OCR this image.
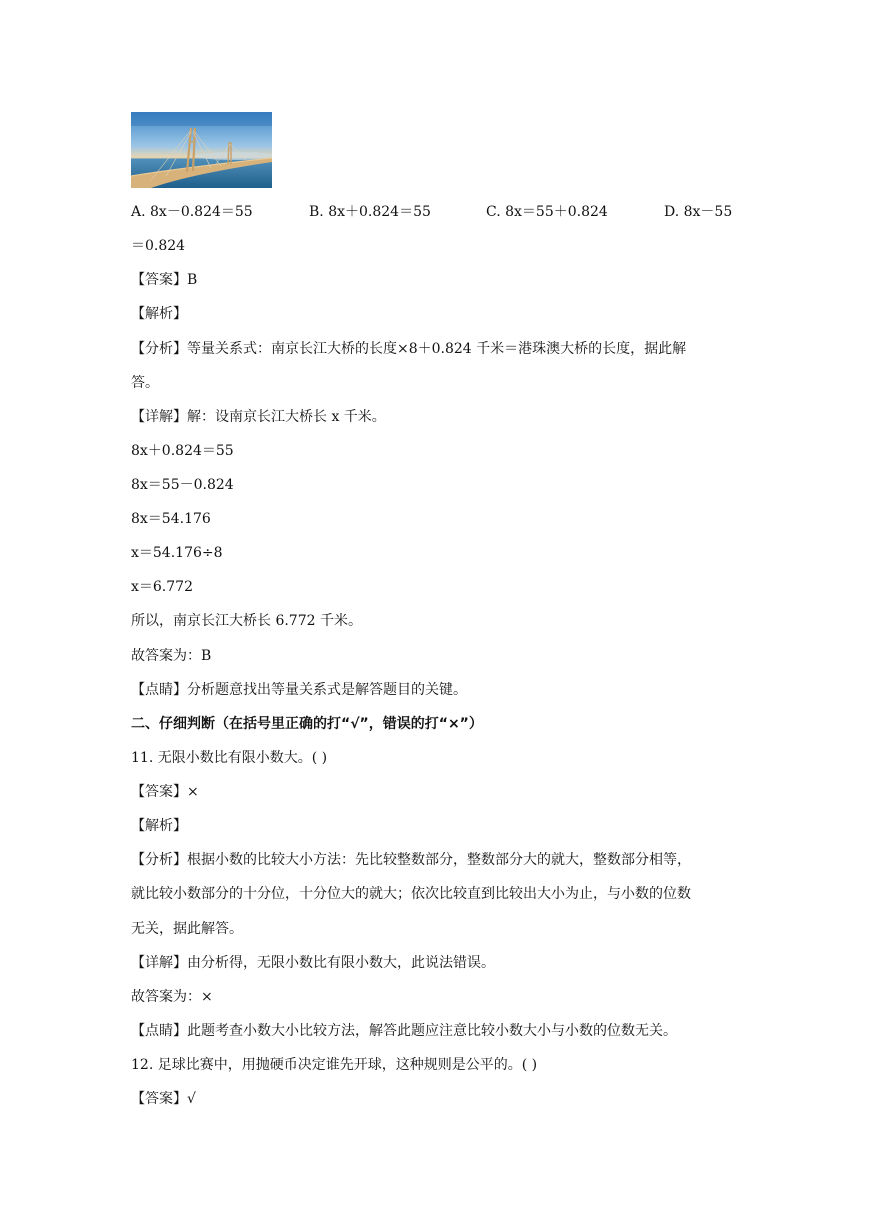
A. 8x－0.824＝55	B. 8x＋0.824＝55	C. 8x＝55＋0.824	D. 8x－55
＝0.824
【答案】B
【解析】
【分析】等量关系式：南京长江大桥的长度×8＋0.824 千米＝港珠澳大桥的长度，据此解
答。
【详解】解：设南京长江大桥长 x 千米。
8x＋0.824＝55
8x＝55－0.824
8x＝54.176
x＝54.176÷8
x＝6.772
所以，南京长江大桥长 6.772 千米。
故答案为：B
【点睛】分析题意找出等量关系式是解答题目的关键。
二、仔细判断（在括号里正确的打“√”，错误的打“×”）
11. 无限小数比有限小数大。( )
【答案】×
【解析】
【分析】根据小数的比较大小方法：先比较整数部分，整数部分大的就大，整数部分相等，
就比较小数部分的十分位，十分位大的就大；依次比较直到比较出大小为止，与小数的位数
无关，据此解答。
【详解】由分析得，无限小数比有限小数大，此说法错误。
故答案为：×
【点睛】此题考查小数大小比较方法，解答此题应注意比较小数大小与小数的位数无关。
12. 足球比赛中，用抛硬币决定谁先开球，这种规则是公平的。( )
【答案】√
